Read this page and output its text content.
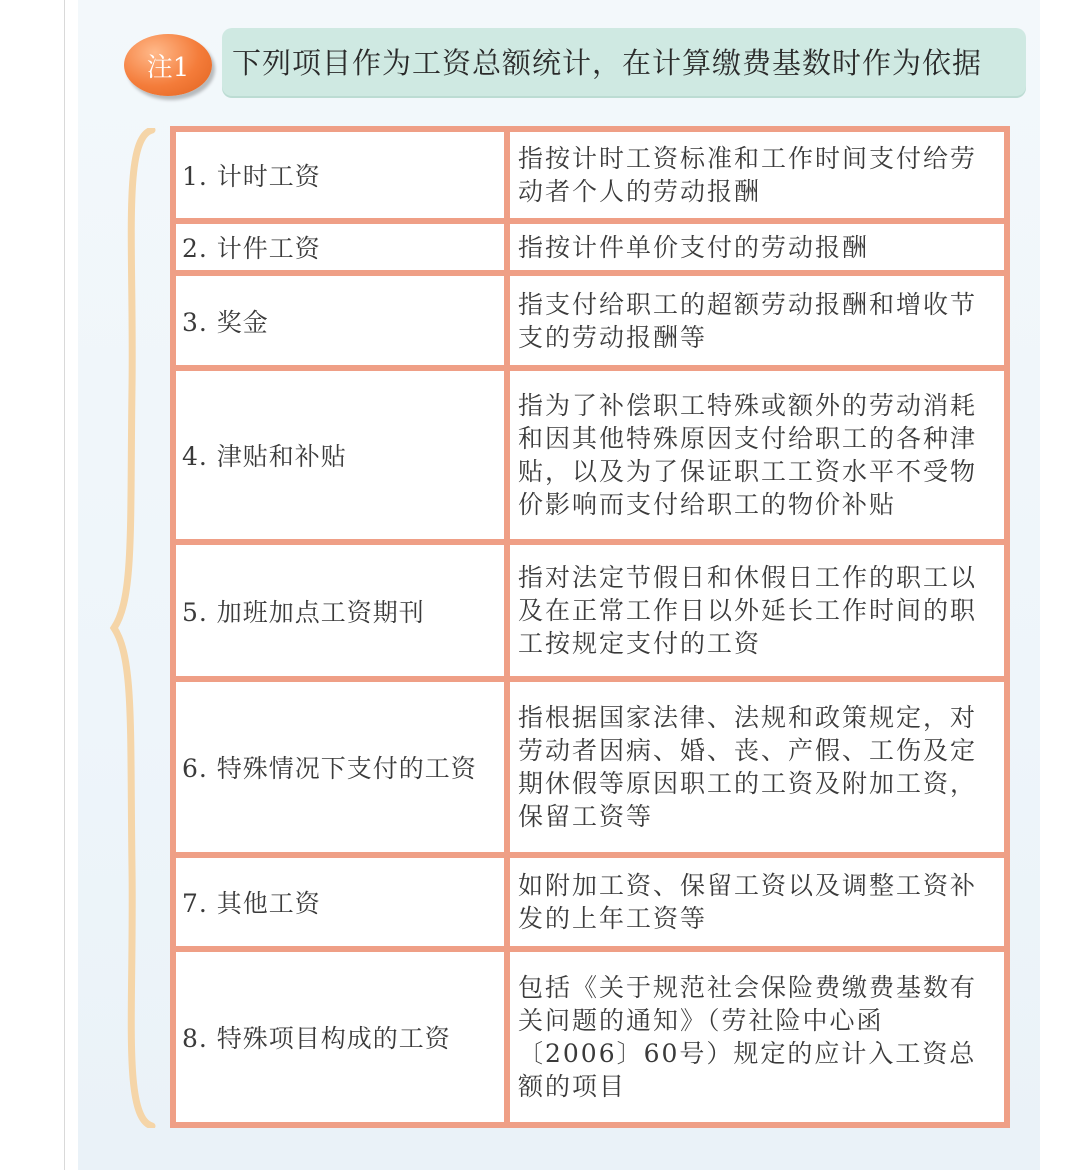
下列项目作为工资总额统计，在计算缴费基数时作为依据
注1
1. 计时工资	指按计时工资标准和工作时间支付给劳动者个人的劳动报酬
2. 计件工资	指按计件单价支付的劳动报酬
3. 奖金	指支付给职工的超额劳动报酬和增收节支的劳动报酬等
4. 津贴和补贴	指为了补偿职工特殊或额外的劳动消耗和因其他特殊原因支付给职工的各种津贴，以及为了保证职工工资水平不受物价影响而支付给职工的物价补贴
5. 加班加点工资期刊	指对法定节假日和休假日工作的职工以及在正常工作日以外延长工作时间的职工按规定支付的工资
6. 特殊情况下支付的工资	指根据国家法律、法规和政策规定，对劳动者因病、婚、丧、产假、工伤及定期休假等原因职工的工资及附加工资，保留工资等
7. 其他工资	如附加工资、保留工资以及调整工资补发的上年工资等
8. 特殊项目构成的工资	包括《关于规范社会保险费缴费基数有关问题的通知》（劳社险中心函〔2006〕60号）规定的应计入工资总额的项目
